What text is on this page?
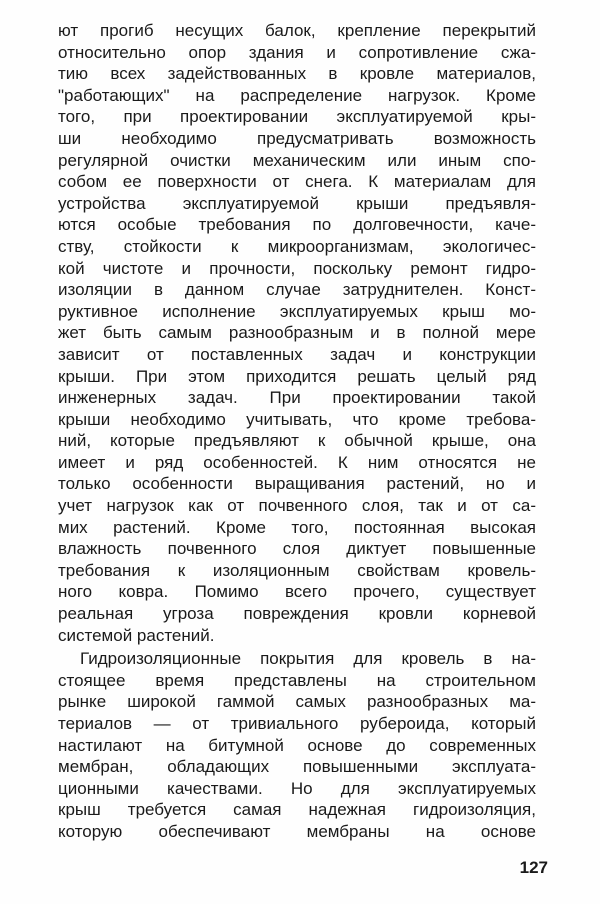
ют прогиб несущих балок, крепление перекрытий
относительно опор здания и сопротивление сжа-
тию всех задействованных в кровле материалов,
"работающих" на распределение нагрузок. Кроме
того, при проектировании эксплуатируемой кры-
ши необходимо предусматривать возможность
регулярной очистки механическим или иным спо-
собом ее поверхности от снега. К материалам для
устройства эксплуатируемой крыши предъявля-
ются особые требования по долговечности, каче-
ству, стойкости к микроорганизмам, экологичес-
кой чистоте и прочности, поскольку ремонт гидро-
изоляции в данном случае затруднителен. Конст-
руктивное исполнение эксплуатируемых крыш мо-
жет быть самым разнообразным и в полной мере
зависит от поставленных задач и конструкции
крыши. При этом приходится решать целый ряд
инженерных задач. При проектировании такой
крыши необходимо учитывать, что кроме требова-
ний, которые предъявляют к обычной крыше, она
имеет и ряд особенностей. К ним относятся не
только особенности выращивания растений, но и
учет нагрузок как от почвенного слоя, так и от са-
мих растений. Кроме того, постоянная высокая
влажность почвенного слоя диктует повышенные
требования к изоляционным свойствам кровель-
ного ковра. Помимо всего прочего, существует
реальная угроза повреждения кровли корневой
системой растений.
Гидроизоляционные покрытия для кровель в на-
стоящее время представлены на строительном
рынке широкой гаммой самых разнообразных ма-
териалов — от тривиального рубероида, который
настилают на битумной основе до современных
мембран, обладающих повышенными эксплуата-
ционными качествами. Но для эксплуатируемых
крыш требуется самая надежная гидроизоляция,
которую обеспечивают мембраны на основе
127
